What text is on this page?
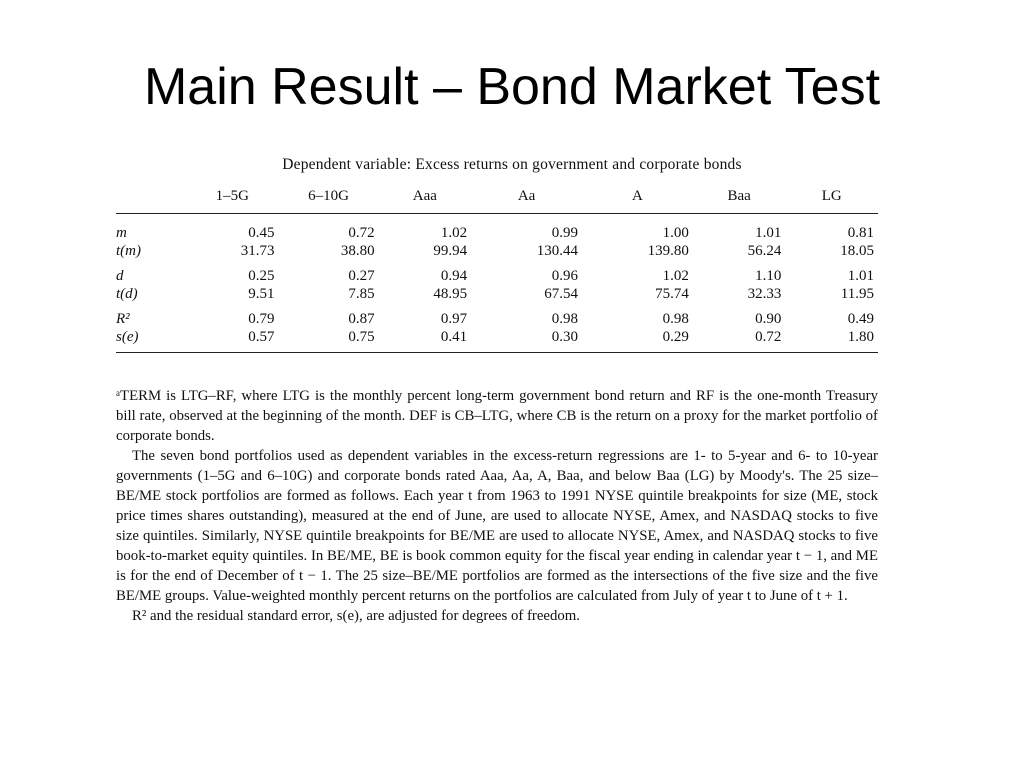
Main Result – Bond Market Test
Dependent variable: Excess returns on government and corporate bonds
	1–5G	6–10G	Aaa	Aa	A	Baa	LG
m	0.45	0.72	1.02	0.99	1.00	1.01	0.81
t(m)	31.73	38.80	99.94	130.44	139.80	56.24	18.05
d	0.25	0.27	0.94	0.96	1.02	1.10	1.01
t(d)	9.51	7.85	48.95	67.54	75.74	32.33	11.95
R²	0.79	0.87	0.97	0.98	0.98	0.90	0.49
s(e)	0.57	0.75	0.41	0.30	0.29	0.72	1.80

ᵃTERM is LTG–RF, where LTG is the monthly percent long-term government bond return and RF is the one-month Treasury bill rate, observed at the beginning of the month. DEF is CB–LTG, where CB is the return on a proxy for the market portfolio of corporate bonds.

The seven bond portfolios used as dependent variables in the excess-return regressions are 1- to 5-year and 6- to 10-year governments (1–5G and 6–10G) and corporate bonds rated Aaa, Aa, A, Baa, and below Baa (LG) by Moody's. The 25 size–BE/ME stock portfolios are formed as follows. Each year t from 1963 to 1991 NYSE quintile breakpoints for size (ME, stock price times shares outstanding), measured at the end of June, are used to allocate NYSE, Amex, and NASDAQ stocks to five size quintiles. Similarly, NYSE quintile breakpoints for BE/ME are used to allocate NYSE, Amex, and NASDAQ stocks to five book-to-market equity quintiles. In BE/ME, BE is book common equity for the fiscal year ending in calendar year t − 1, and ME is for the end of December of t − 1. The 25 size–BE/ME portfolios are formed as the intersections of the five size and the five BE/ME groups. Value-weighted monthly percent returns on the portfolios are calculated from July of year t to June of t + 1.

R² and the residual standard error, s(e), are adjusted for degrees of freedom.
